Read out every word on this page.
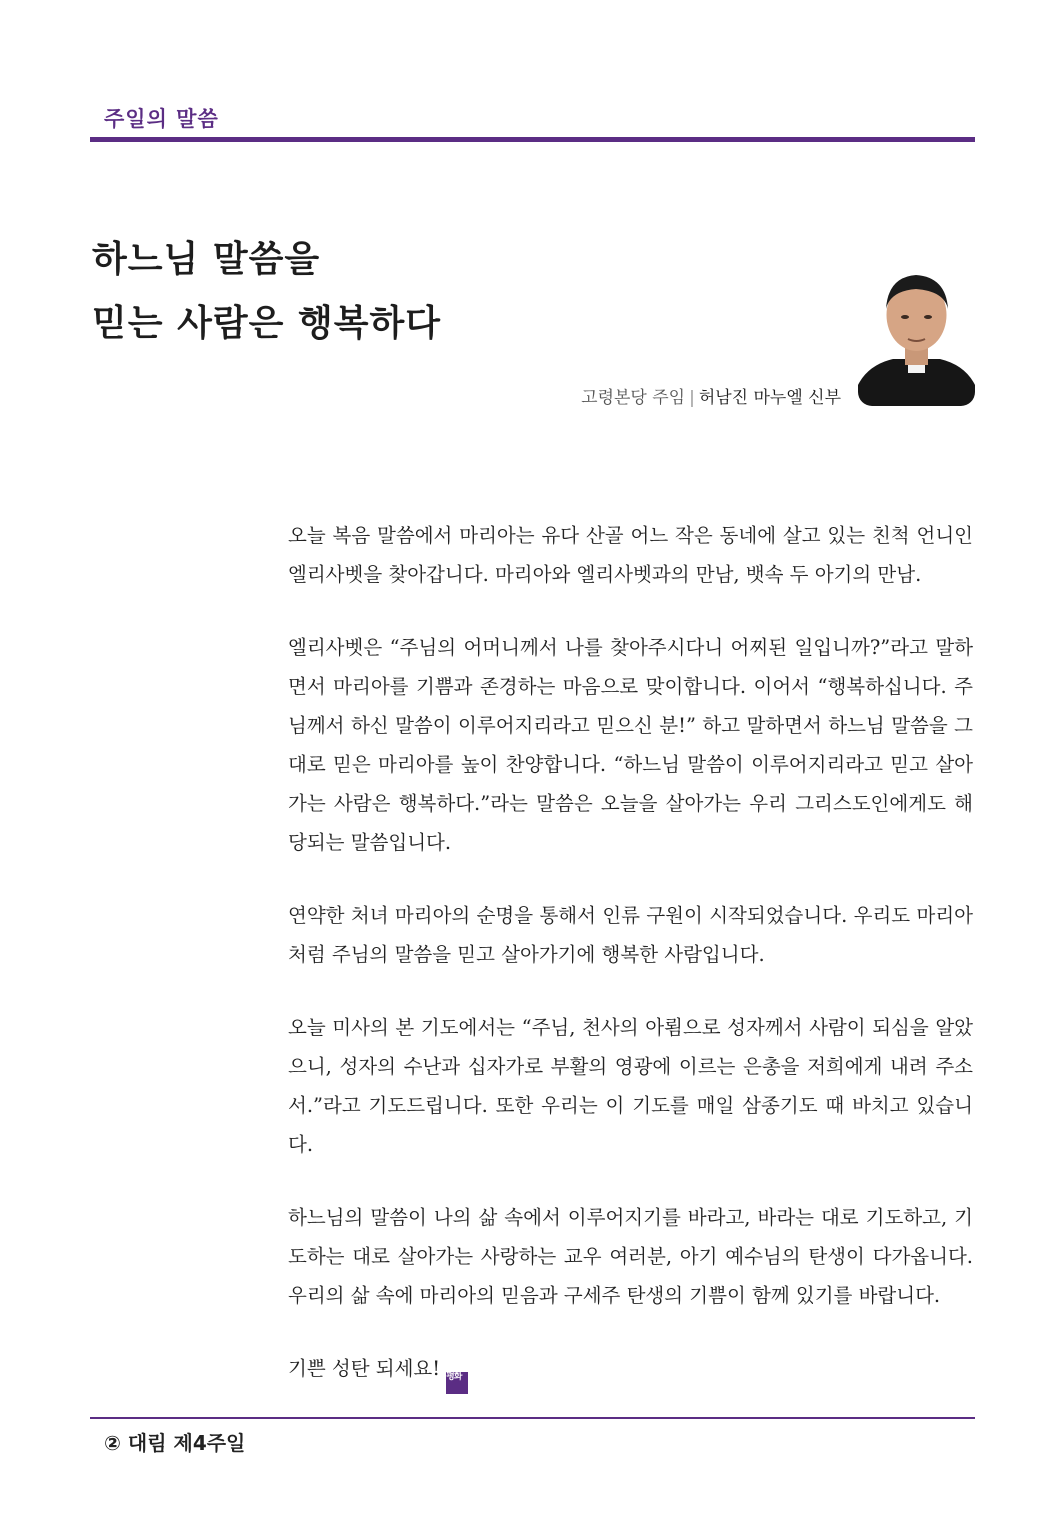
주일의 말씀
하느님 말씀을
믿는 사람은 행복하다
고령본당 주임 | 허남진 마누엘 신부

오늘 복음 말씀에서 마리아는 유다 산골 어느 작은 동네에 살고 있는 친척 언니인 엘리사벳을 찾아갑니다. 마리아와 엘리사벳과의 만남, 뱃속 두 아기의 만남.

엘리사벳은 “주님의 어머니께서 나를 찾아주시다니 어찌된 일입니까?”라고 말하면서 마리아를 기쁨과 존경하는 마음으로 맞이합니다. 이어서 “행복하십니다. 주님께서 하신 말씀이 이루어지리라고 믿으신 분!” 하고 말하면서 하느님 말씀을 그대로 믿은 마리아를 높이 찬양합니다. “하느님 말씀이 이루어지리라고 믿고 살아가는 사람은 행복하다.”라는 말씀은 오늘을 살아가는 우리 그리스도인에게도 해당되는 말씀입니다.

연약한 처녀 마리아의 순명을 통해서 인류 구원이 시작되었습니다. 우리도 마리아처럼 주님의 말씀을 믿고 살아가기에 행복한 사람입니다.

오늘 미사의 본 기도에서는 “주님, 천사의 아룀으로 성자께서 사람이 되심을 알았으니, 성자의 수난과 십자가로 부활의 영광에 이르는 은총을 저희에게 내려 주소서.”라고 기도드립니다. 또한 우리는 이 기도를 매일 삼종기도 때 바치고 있습니다.

하느님의 말씀이 나의 삶 속에서 이루어지기를 바라고, 바라는 대로 기도하고, 기도하는 대로 살아가는 사랑하는 교우 여러분, 아기 예수님의 탄생이 다가옵니다. 우리의 삶 속에 마리아의 믿음과 구세주 탄생의 기쁨이 함께 있기를 바랍니다.

기쁜 성탄 되세요! 평화

② 대림 제4주일
